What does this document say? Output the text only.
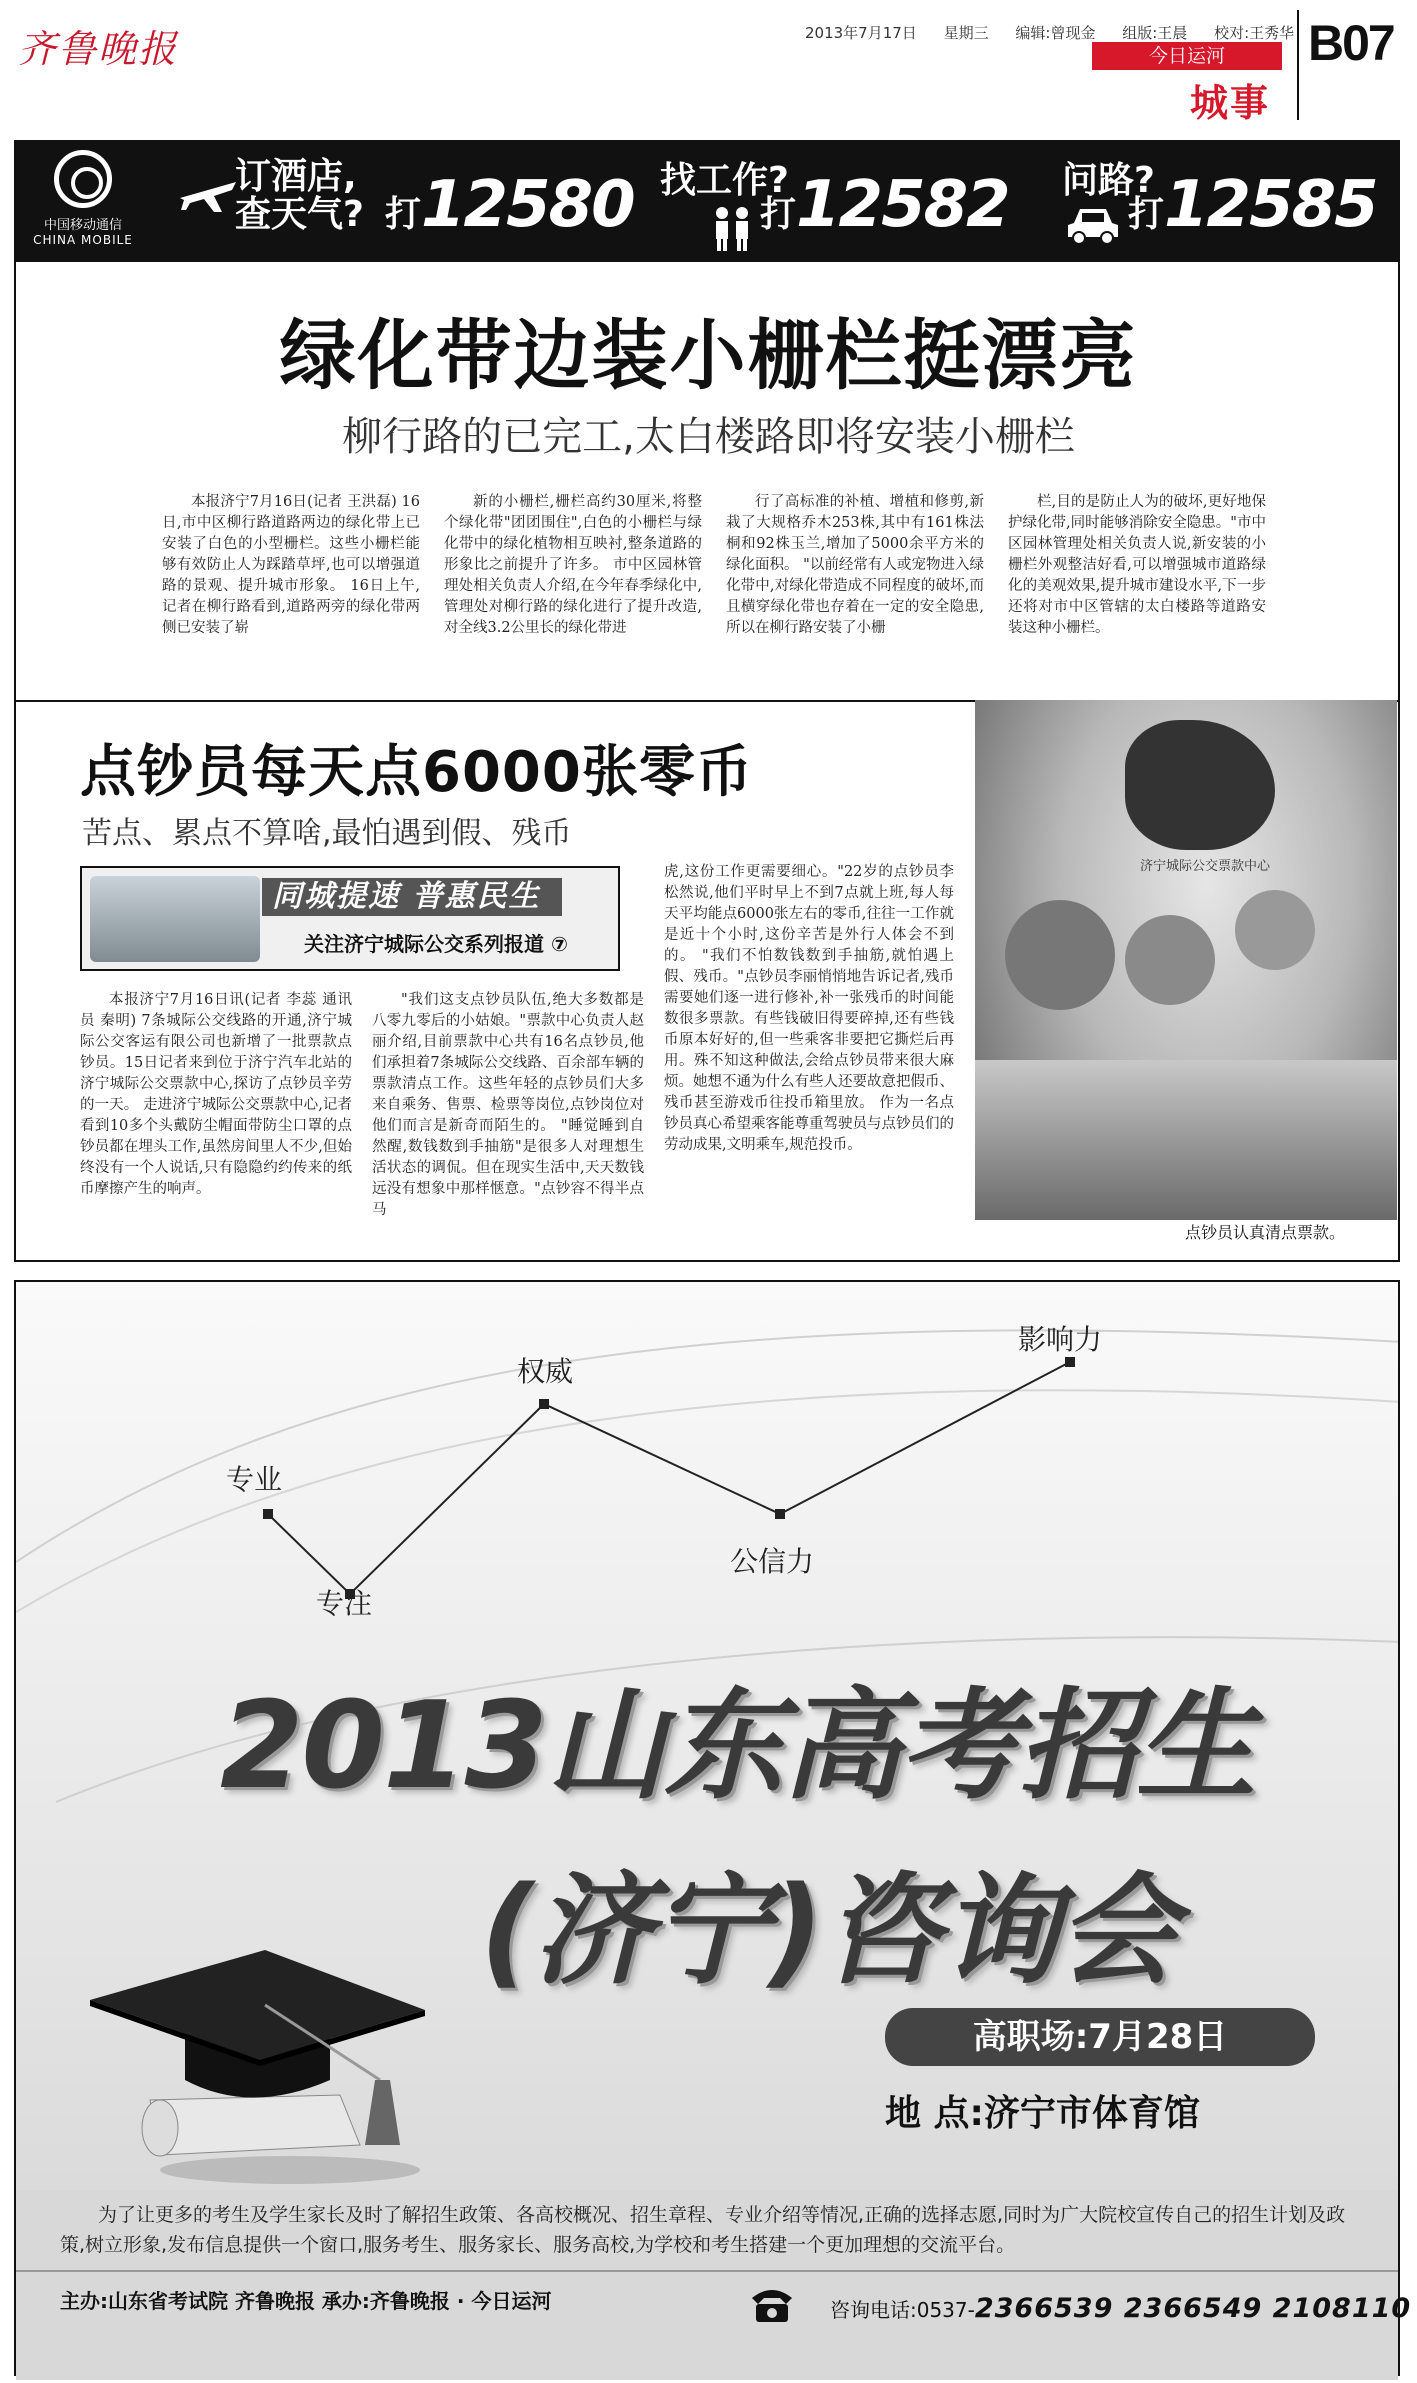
齐鲁晚报	2013年7月17日 星期三 编辑:曾现金 组版:王晨 校对:王秀华
今日运河
城事
B07
中国移动通信
CHINA MOBILE
订酒店,
查天气? 打12580 找工作?
打12582 问路?
打12585
绿化带边装小栅栏挺漂亮
柳行路的已完工,太白楼路即将安装小栅栏
本报济宁7月16日(记者 王洪磊) 16日,市中区柳行路道路两边的绿化带上已安装了白色的小型栅栏。这些小栅栏能够有效防止人为踩踏草坪,也可以增强道路的景观、提升城市形象。 16日上午,记者在柳行路看到,道路两旁的绿化带两侧已安装了崭
新的小栅栏,栅栏高约30厘米,将整个绿化带"团团围住",白色的小栅栏与绿化带中的绿化植物相互映衬,整条道路的形象比之前提升了许多。 市中区园林管理处相关负责人介绍,在今年春季绿化中,管理处对柳行路的绿化进行了提升改造,对全线3.2公里长的绿化带进
行了高标准的补植、增植和修剪,新栽了大规格乔木253株,其中有161株法桐和92株玉兰,增加了5000余平方米的绿化面积。 "以前经常有人或宠物进入绿化带中,对绿化带造成不同程度的破坏,而且横穿绿化带也存着在一定的安全隐患,所以在柳行路安装了小栅
栏,目的是防止人为的破坏,更好地保护绿化带,同时能够消除安全隐患。"市中区园林管理处相关负责人说,新安装的小栅栏外观整洁好看,可以增强城市道路绿化的美观效果,提升城市建设水平,下一步还将对市中区管辖的太白楼路等道路安装这种小栅栏。
点钞员每天点6000张零币
苦点、累点不算啥,最怕遇到假、残币
同城提速 普惠民生
关注济宁城际公交系列报道 ⑦
本报济宁7月16日讯(记者 李蕊 通讯员 秦明) 7条城际公交线路的开通,济宁城际公交客运有限公司也新增了一批票款点钞员。15日记者来到位于济宁汽车北站的济宁城际公交票款中心,探访了点钞员辛劳的一天。 走进济宁城际公交票款中心,记者看到10多个头戴防尘帽面带防尘口罩的点钞员都在埋头工作,虽然房间里人不少,但始终没有一个人说话,只有隐隐约约传来的纸币摩擦产生的响声。
"我们这支点钞员队伍,绝大多数都是八零九零后的小姑娘。"票款中心负责人赵丽介绍,目前票款中心共有16名点钞员,他们承担着7条城际公交线路、百余部车辆的票款清点工作。这些年轻的点钞员们大多来自乘务、售票、检票等岗位,点钞岗位对他们而言是新奇而陌生的。 "睡觉睡到自然醒,数钱数到手抽筋"是很多人对理想生活状态的调侃。但在现实生活中,天天数钱远没有想象中那样惬意。"点钞容不得半点马
虎,这份工作更需要细心。"22岁的点钞员李松然说,他们平时早上不到7点就上班,每人每天平均能点6000张左右的零币,往往一工作就是近十个小时,这份辛苦是外行人体会不到的。 "我们不怕数钱数到手抽筋,就怕遇上假、残币。"点钞员李丽悄悄地告诉记者,残币需要她们逐一进行修补,补一张残币的时间能数很多票款。有些钱破旧得要碎掉,还有些钱币原本好好的,但一些乘客非要把它撕烂后再用。殊不知这种做法,会给点钞员带来很大麻烦。她想不通为什么有些人还要故意把假币、残币甚至游戏币往投币箱里放。 作为一名点钞员真心希望乘客能尊重驾驶员与点钞员们的劳动成果,文明乘车,规范投币。
济宁城际公交票款中心
点钞员认真清点票款。
专业
专注
权威
公信力
影响力
2013山东高考招生
(济宁)咨询会
高职场:7月28日
地 点:济宁市体育馆
为了让更多的考生及学生家长及时了解招生政策、各高校概况、招生章程、专业介绍等情况,正确的选择志愿,同时为广大院校宣传自己的招生计划及政策,树立形象,发布信息提供一个窗口,服务考生、服务家长、服务高校,为学校和考生搭建一个更加理想的交流平台。
主办:山东省考试院 齐鲁晚报 承办:齐鲁晚报 · 今日运河	咨询电话:0537-2366539 2366549 2108110
